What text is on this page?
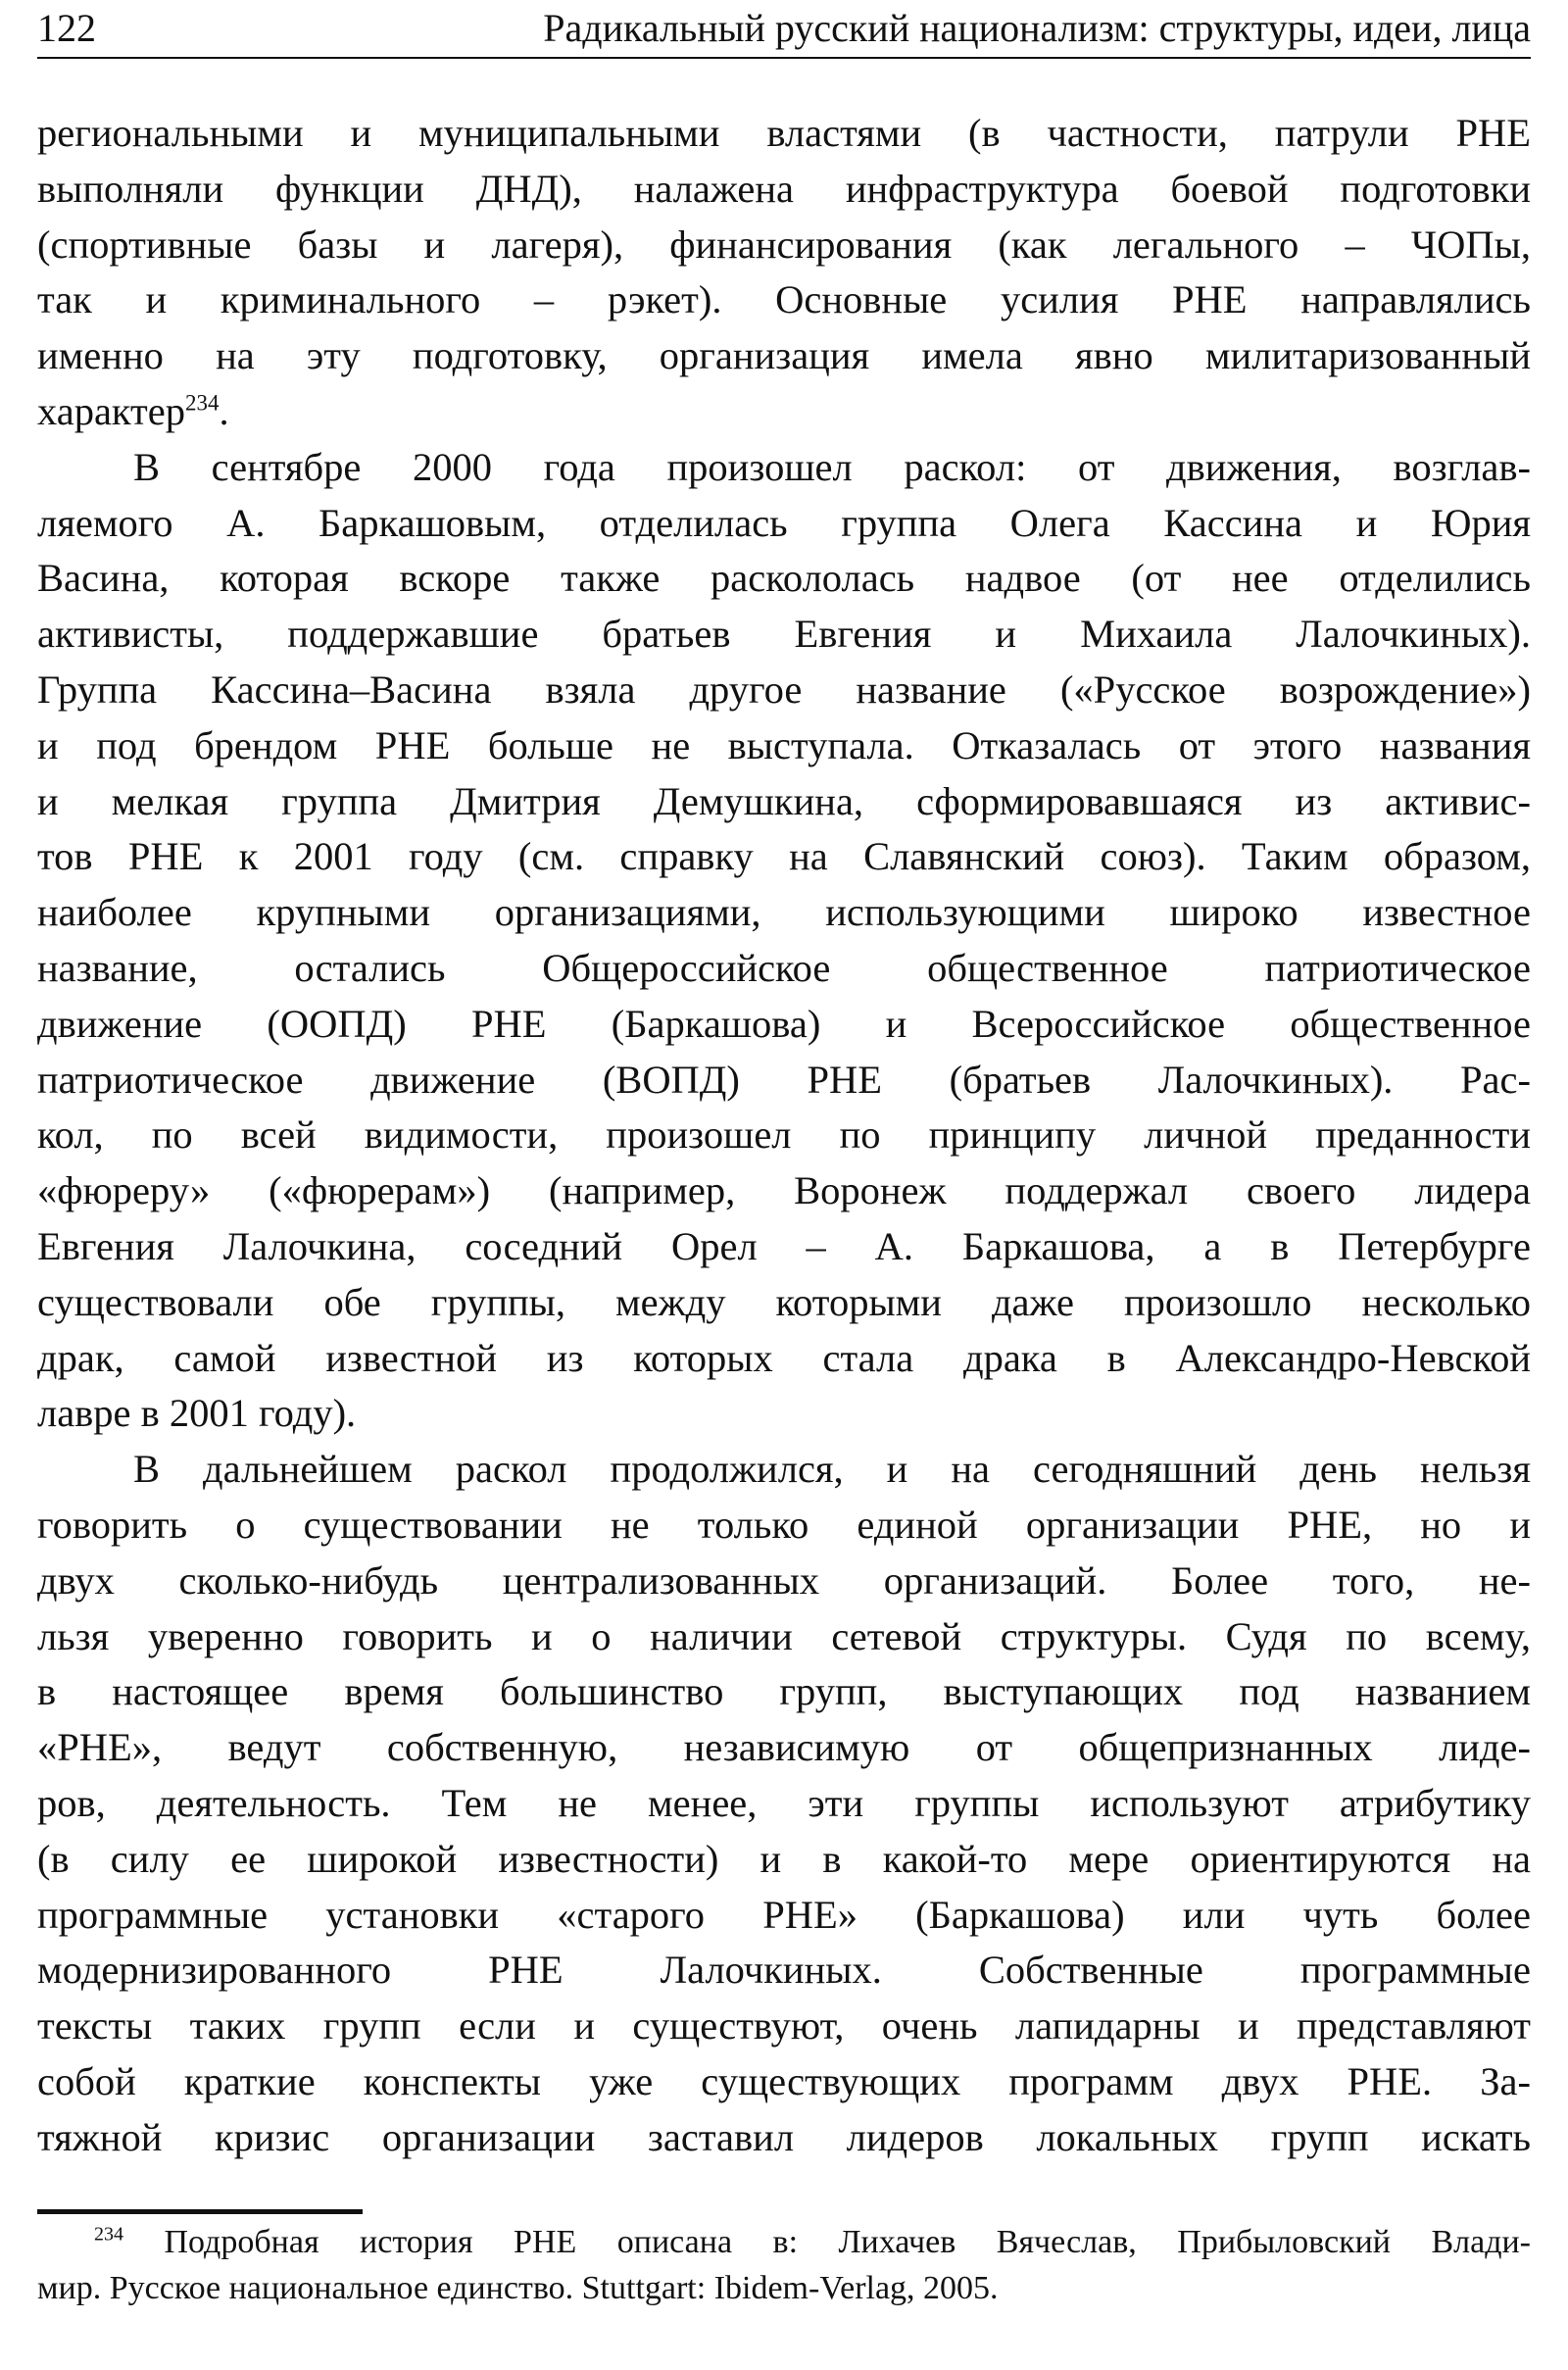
122	Радикальный русский национализм: структуры, идеи, лица
региональными и муниципальными властями (в частности, патрули РНЕ
выполняли функции ДНД), налажена инфраструктура боевой подготовки
(спортивные базы и лагеря), финансирования (как легального – ЧОПы,
так и криминального – рэкет). Основные усилия РНЕ направлялись
именно на эту подготовку, организация имела явно милитаризованный
характер$^{234}$.
В сентябре 2000 года произошел раскол: от движения, возглав-
ляемого А. Баркашовым, отделилась группа Олега Кассина и Юрия
Васина, которая вскоре также раскололась надвое (от нее отделились
активисты, поддержавшие братьев Евгения и Михаила Лалочкиных).
Группа Кассина–Васина взяла другое название («Русское возрождение»)
и под брендом РНЕ больше не выступала. Отказалась от этого названия
и мелкая группа Дмитрия Демушкина, сформировавшаяся из активис-
тов РНЕ к 2001 году (см. справку на Славянский союз). Таким образом,
наиболее крупными организациями, использующими широко известное
название, остались Общероссийское общественное патриотическое
движение (ООПД) РНЕ (Баркашова) и Всероссийское общественное
патриотическое движение (ВОПД) РНЕ (братьев Лалочкиных). Рас-
кол, по всей видимости, произошел по принципу личной преданности
«фюреру» («фюрерам») (например, Воронеж поддержал своего лидера
Евгения Лалочкина, соседний Орел – А. Баркашова, а в Петербурге
существовали обе группы, между которыми даже произошло несколько
драк, самой известной из которых стала драка в Александро-Невской
лавре в 2001 году).
В дальнейшем раскол продолжился, и на сегодняшний день нельзя
говорить о существовании не только единой организации РНЕ, но и
двух сколько-нибудь централизованных организаций. Более того, не-
льзя уверенно говорить и о наличии сетевой структуры. Судя по всему,
в настоящее время большинство групп, выступающих под названием
«РНЕ», ведут собственную, независимую от общепризнанных лиде-
ров, деятельность. Тем не менее, эти группы используют атрибутику
(в силу ее широкой известности) и в какой-то мере ориентируются на
программные установки «старого РНЕ» (Баркашова) или чуть более
модернизированного РНЕ Лалочкиных. Собственные программные
тексты таких групп если и существуют, очень лапидарны и представляют
собой краткие конспекты уже существующих программ двух РНЕ. За-
тяжной кризис организации заставил лидеров локальных групп искать
$^{234}$ Подробная история РНЕ описана в: Лихачев Вячеслав, Прибыловский Влади-
мир. Русское национальное единство. Stuttgart: Ibidem-Verlag, 2005.
